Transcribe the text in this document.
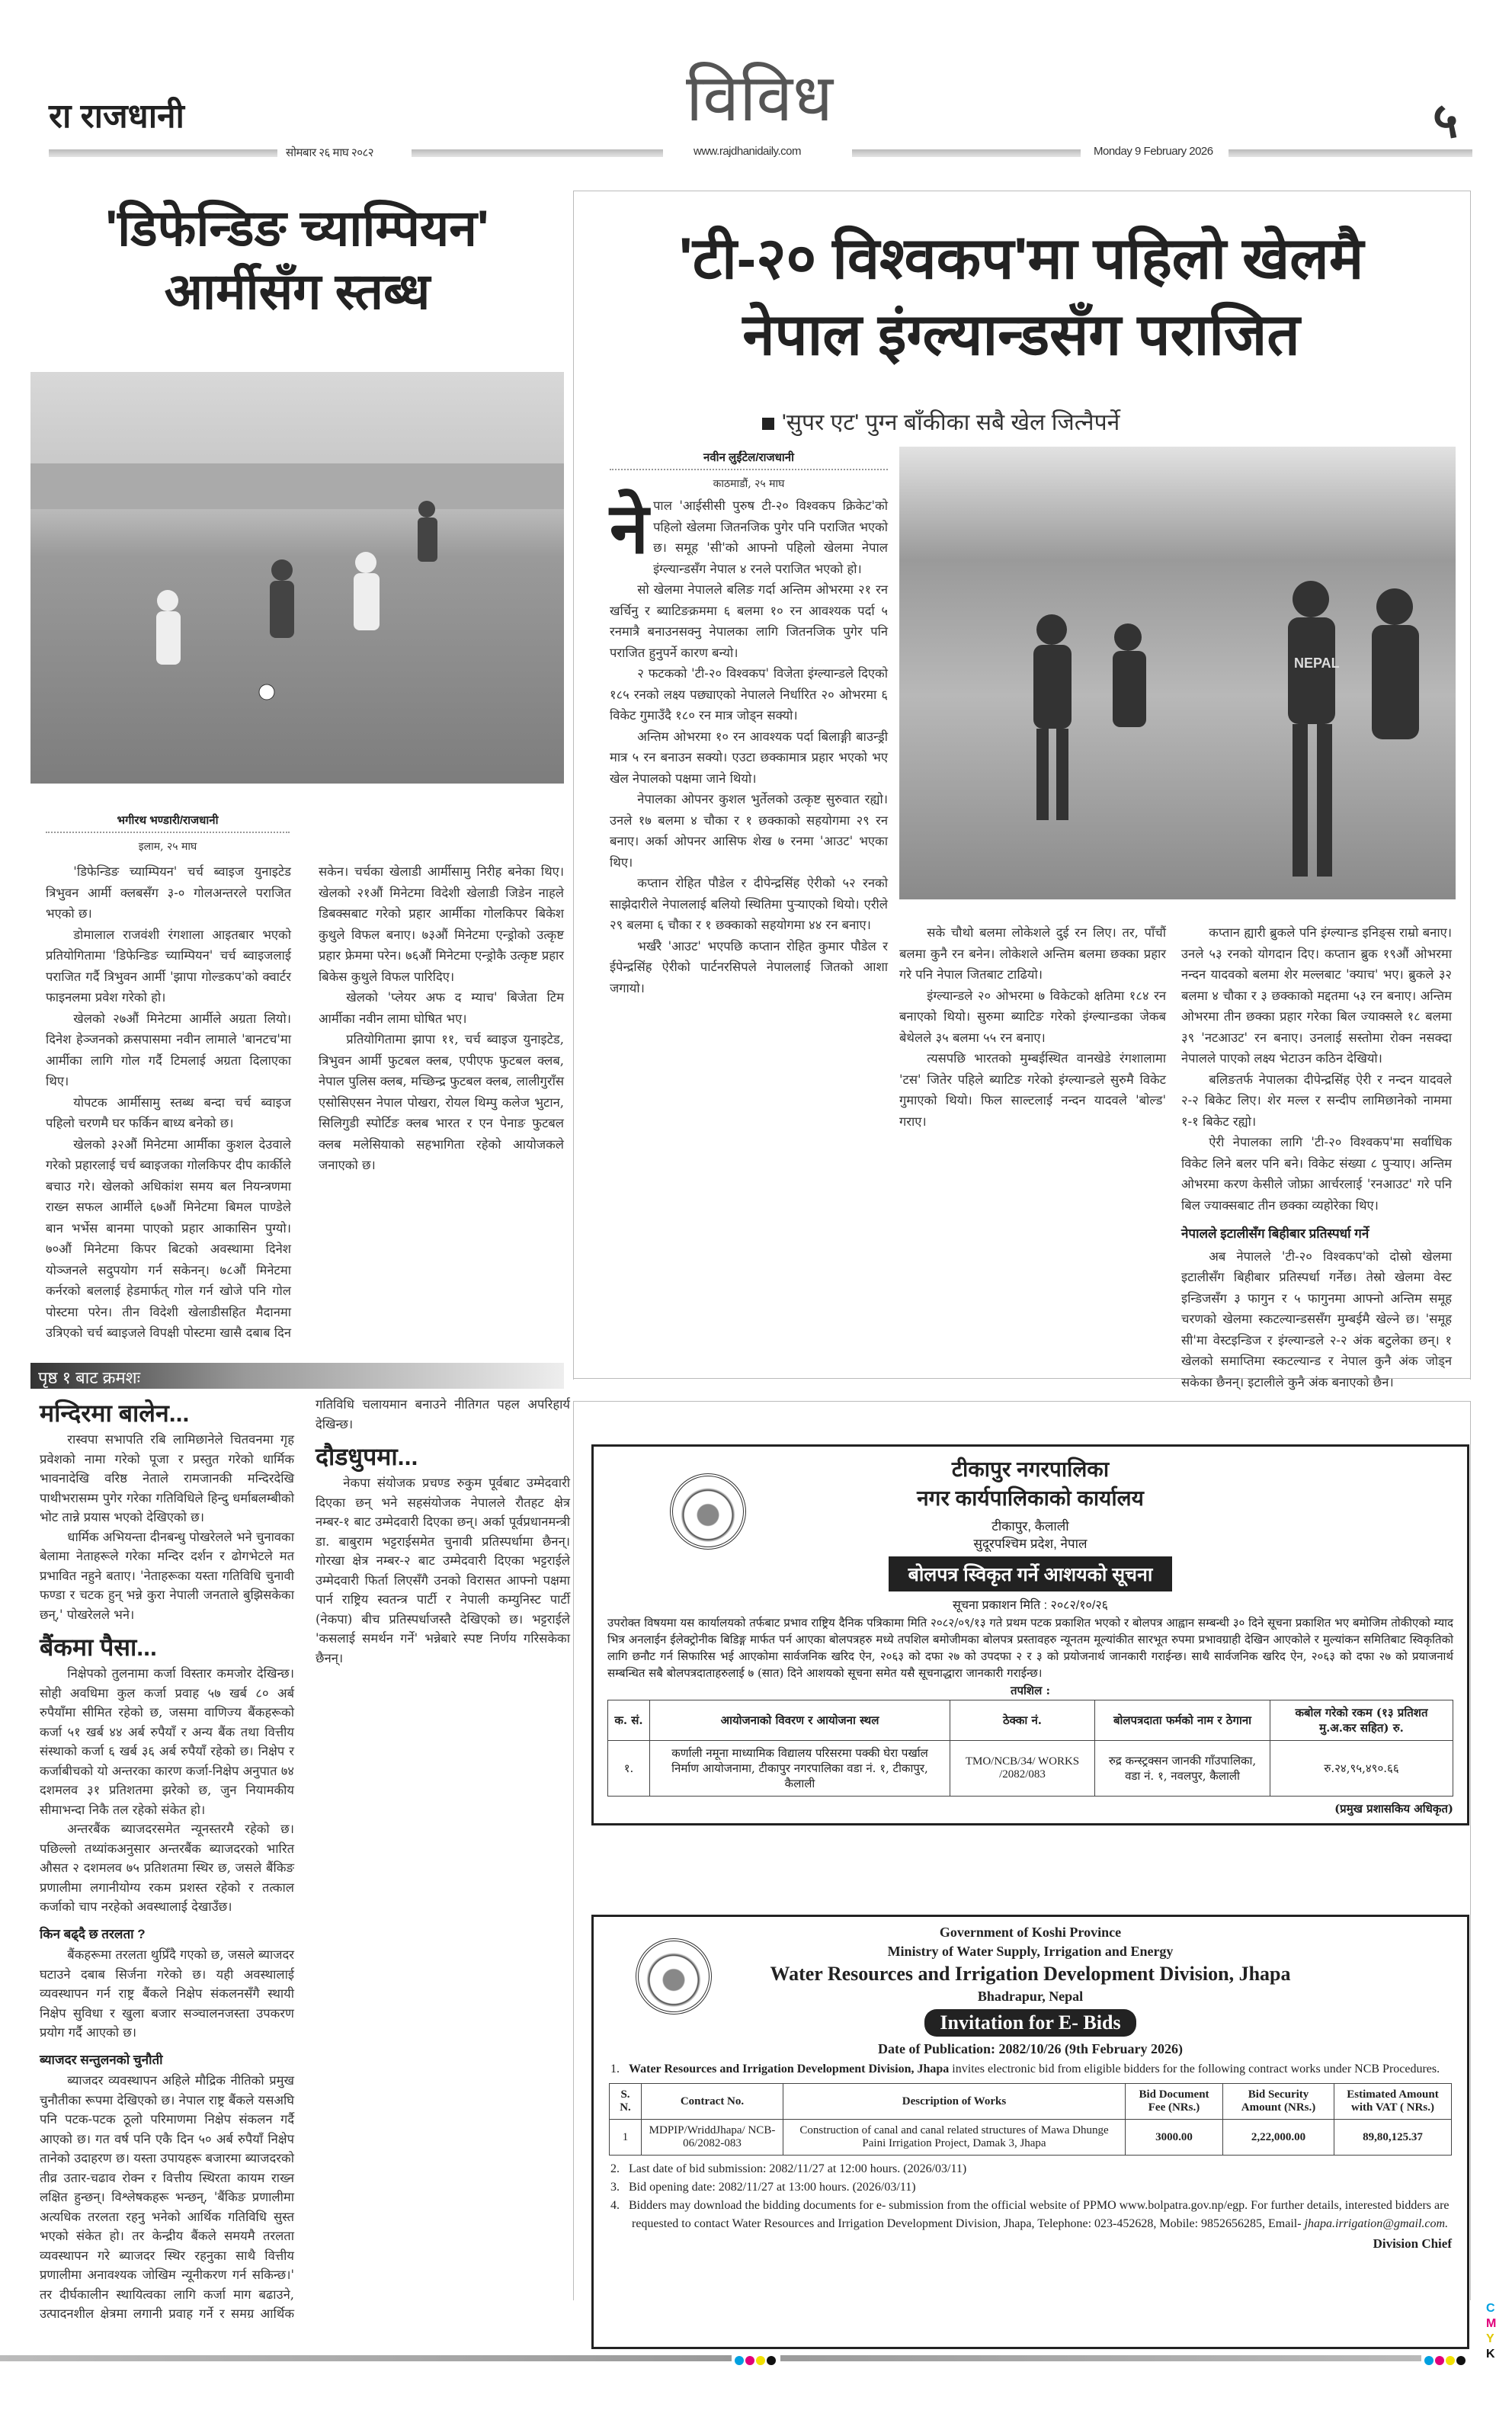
रा राजधानी	विविध	५
सोमबार २६ माघ २०८२	www.rajdhanidaily.com	Monday 9 February 2026
'डिफेन्डिङ च्याम्पियन'
आर्मीसँग स्तब्ध
भगीरथ भण्डारी/राजधानी
इलाम, २५ माघ

'डिफेन्डिङ च्याम्पियन' चर्च ब्वाइज युनाइटेड त्रिभुवन आर्मी क्लबसँग ३-० गोलअन्तरले पराजित भएको छ।

डोमालाल राजवंशी रंगशाला आइतबार भएको प्रतियोगितामा 'डिफेन्डिङ च्याम्पियन' चर्च ब्वाइजलाई पराजित गर्दै त्रिभुवन आर्मी 'झापा गोल्डकप'को क्वार्टर फाइनलमा प्रवेश गरेको हो।

खेलको २७औं मिनेटमा आर्मीले अग्रता लियो। दिनेश हेञ्जनको क्रसपासमा नवीन लामाले 'बानटच'मा आर्मीका लागि गोल गर्दै टिमलाई अग्रता दिलाएका थिए।

योपटक आर्मीसामु स्तब्ध बन्दा चर्च ब्वाइज पहिलो चरणमै घर फर्किन बाध्य बनेको छ।

खेलको ३२औं मिनेटमा आर्मीका कुशल देउवाले गरेको प्रहारलाई चर्च ब्वाइजका गोलकिपर दीप कार्कीले बचाउ गरे। खेलको अधिकांश समय बल नियन्त्रणमा राख्न सफल आर्मीले ६७औं मिनेटमा बिमल पाण्डेले बान भर्भेस बानमा पाएको प्रहार आकासिन पुग्यो। ७०औं मिनेटमा किपर बिटको अवस्थामा दिनेश योञ्जनले सदुपयोग गर्न सकेनन्। ७८औं मिनेटमा कर्नरको बललाई हेडमार्फत् गोल गर्न खोजे पनि गोल पोस्टमा परेन। तीन विदेशी खेलाडीसहित मैदानमा उत्रिएको चर्च ब्वाइजले विपक्षी पोस्टमा खासै दबाब दिन सकेन। चर्चका खेलाडी आर्मीसामु निरीह बनेका थिए। खेलको २१औं मिनेटमा विदेशी खेलाडी जिडेन नाहले डिबक्सबाट गरेको प्रहार आर्मीका गोलकिपर बिकेश कुथुले विफल बनाए। ७३औं मिनेटमा एन्ड्रोको उत्कृष्ट प्रहार फ्रेममा परेन। ७६औं मिनेटमा एन्ड्रोकै उत्कृष्ट प्रहार बिकेस कुथुले विफल पारिदिए।

खेलको 'प्लेयर अफ द म्याच' बिजेता टिम आर्मीका नवीन लामा घोषित भए।

प्रतियोगितामा झापा ११, चर्च ब्वाइज युनाइटेड, त्रिभुवन आर्मी फुटबल क्लब, एपीएफ फुटबल क्लब, नेपाल पुलिस क्लब, मच्छिन्द्र फुटबल क्लब, लालीगुराँस एसोसिएसन नेपाल पोखरा, रोयल थिम्पु कलेज भुटान, सिलिगुडी स्पोर्टिङ क्लब भारत र एन पेनाङ फुटबल क्लब मलेसियाको सहभागिता रहेको आयोजकले जनाएको छ।

पृष्ठ १ बाट क्रमशः
मन्दिरमा बालेन...

रास्वपा सभापति रबि लामिछानेले चितवनमा गृह प्रवेशको नामा गरेको पूजा र प्रस्तुत गरेको धार्मिक भावनादेखि वरिष्ठ नेताले रामजानकी मन्दिरदेखि पाथीभरासम्म पुगेर गरेका गतिविधिले हिन्दु धर्माबलम्बीको भोट तान्ने प्रयास भएको देखिएको छ।

धार्मिक अभियन्ता दीनबन्धु पोखरेलले भने चुनावका बेलामा नेताहरूले गरेका मन्दिर दर्शन र ढोगभेटले मत प्रभावित नहुने बताए। 'नेताहरूका यस्ता गतिविधि चुनावी फण्डा र चटक हुन् भन्ने कुरा नेपाली जनताले बुझिसकेका छन्,' पोखरेलले भने।

बैंकमा पैसा...

निक्षेपको तुलनामा कर्जा विस्तार कमजोर देखिन्छ। सोही अवधिमा कुल कर्जा प्रवाह ५७ खर्ब ८० अर्ब रुपैयाँमा सीमित रहेको छ, जसमा वाणिज्य बैंकहरूको कर्जा ५१ खर्ब ४४ अर्ब रुपैयाँ र अन्य बैंक तथा वित्तीय संस्थाको कर्जा ६ खर्ब ३६ अर्ब रुपैयाँ रहेको छ। निक्षेप र कर्जाबीचको यो अन्तरका कारण कर्जा-निक्षेप अनुपात ७४ दशमलव ३१ प्रतिशतमा झरेको छ, जुन नियामकीय सीमाभन्दा निकै तल रहेको संकेत हो।

अन्तरबैंक ब्याजदरसमेत न्यूनस्तरमै रहेको छ। पछिल्लो तथ्यांकअनुसार अन्तरबैंक ब्याजदरको भारित औसत २ दशमलव ७५ प्रतिशतमा स्थिर छ, जसले बैंकिङ प्रणालीमा लगानीयोग्य रकम प्रशस्त रहेको र तत्काल कर्जाको चाप नरहेको अवस्थालाई देखाउँछ।

किन बढ्दै छ तरलता ?

बैंकहरूमा तरलता थुप्रिँदै गएको छ, जसले ब्याजदर घटाउने दबाब सिर्जना गरेको छ। यही अवस्थालाई व्यवस्थापन गर्न राष्ट्र बैंकले निक्षेप संकलनसँगै स्थायी निक्षेप सुविधा र खुला बजार सञ्चालनजस्ता उपकरण प्रयोग गर्दै आएको छ।

ब्याजदर सन्तुलनको चुनौती

ब्याजदर व्यवस्थापन अहिले मौद्रिक नीतिको प्रमुख चुनौतीका रूपमा देखिएको छ। नेपाल राष्ट्र बैंकले यसअघि पनि पटक-पटक ठूलो परिमाणमा निक्षेप संकलन गर्दै आएको छ। गत वर्ष पनि एकै दिन ५० अर्ब रुपैयाँ निक्षेप तानेको उदाहरण छ। यस्ता उपायहरू बजारमा ब्याजदरको तीव्र उतार-चढाव रोक्न र वित्तीय स्थिरता कायम राख्न लक्षित हुन्छन्। विश्लेषकहरू भन्छन्, 'बैंकिङ प्रणालीमा अत्यधिक तरलता रहनु भनेको आर्थिक गतिविधि सुस्त भएको संकेत हो। तर केन्द्रीय बैंकले समयमै तरलता व्यवस्थापन गरे ब्याजदर स्थिर रहनुका साथै वित्तीय प्रणालीमा अनावश्यक जोखिम न्यूनीकरण गर्न सकिन्छ।' तर दीर्घकालीन स्थायित्वका लागि कर्जा माग बढाउने, उत्पादनशील क्षेत्रमा लगानी प्रवाह गर्ने र समग्र आर्थिक गतिविधि चलायमान बनाउने नीतिगत पहल अपरिहार्य देखिन्छ।

दौडधुपमा...

नेकपा संयोजक प्रचण्ड रुकुम पूर्वबाट उम्मेदवारी दिएका छन् भने सहसंयोजक नेपालले रौतहट क्षेत्र नम्बर-१ बाट उम्मेदवारी दिएका छन्। अर्का पूर्वप्रधानमन्त्री डा. बाबुराम भट्टराईसमेत चुनावी प्रतिस्पर्धामा छैनन्। गोरखा क्षेत्र नम्बर-२ बाट उम्मेदवारी दिएका भट्टराईले उम्मेदवारी फिर्ता लिएसँगै उनको विरासत आफ्नो पक्षमा पार्न राष्ट्रिय स्वतन्त्र पार्टी र नेपाली कम्युनिस्ट पार्टी (नेकपा) बीच प्रतिस्पर्धाजस्तै देखिएको छ। भट्टराईले 'कसलाई समर्थन गर्ने' भन्नेबारे स्पष्ट निर्णय गरिसकेका छैनन्।

'टी-२० विश्वकप'मा पहिलो खेलमै
नेपाल इंग्ल्यान्डसँग पराजित
'सुपर एट' पुग्न बाँकीका सबै खेल जित्नैपर्ने
नवीन लुईंटेल/राजधानी
काठमाडौं, २५ माघ
ने पाल 'आईसीसी पुरुष टी-२० विश्वकप क्रिकेट'को पहिलो खेलमा जितनजिक पुगेर पनि पराजित भएको छ। समूह 'सी'को आफ्नो पहिलो खेलमा नेपाल इंग्ल्यान्डसँग नेपाल ४ रनले पराजित भएको हो।

सो खेलमा नेपालले बलिङ गर्दा अन्तिम ओभरमा २१ रन खर्चिनु र ब्याटिङक्रममा ६ बलमा १० रन आवश्यक पर्दा ५ रनमात्रै बनाउनसक्नु नेपालका लागि जितनजिक पुगेर पनि पराजित हुनुपर्ने कारण बन्यो।

२ फटकको 'टी-२० विश्वकप' विजेता इंग्ल्यान्डले दिएको १८५ रनको लक्ष्य पछ्याएको नेपालले निर्धारित २० ओभरमा ६ विकेट गुमाउँदै १८० रन मात्र जोड्न सक्यो।

अन्तिम ओभरमा १० रन आवश्यक पर्दा बिलाङ्गी बाउन्ड्री मात्र ५ रन बनाउन सक्यो। एउटा छक्कामात्र प्रहार भएको भए खेल नेपालको पक्षमा जाने थियो।

नेपालका ओपनर कुशल भुर्तेलको उत्कृष्ट सुरुवात रह्यो। उनले १७ बलमा ४ चौका र १ छक्काको सहयोगमा २९ रन बनाए। अर्का ओपनर आसिफ शेख ७ रनमा 'आउट' भएका थिए।

कप्तान रोहित पौडेल र दीपेन्द्रसिंह ऐरीको ५२ रनको साझेदारीले नेपाललाई बलियो स्थितिमा पुर्‍याएको थियो। एरीले २९ बलमा ६ चौका र १ छक्काको सहयोगमा ४४ रन बनाए।

भर्खरै 'आउट' भएपछि कप्तान रोहित कुमार पौडेल र ईपेन्द्रसिंह ऐरीको पार्टनरसिपले नेपाललाई जितको आशा जगायो।

NEPAL

सके चौथो बलमा लोकेशले दुई रन लिए। तर, पाँचौं बलमा कुनै रन बनेन। लोकेशले अन्तिम बलमा छक्का प्रहार गरे पनि नेपाल जितबाट टाढियो।

इंग्ल्यान्डले २० ओभरमा ७ विकेटको क्षतिमा १८४ रन बनाएको थियो। सुरुमा ब्याटिङ गरेको इंग्ल्यान्डका जेकब बेथेलले ३५ बलमा ५५ रन बनाए।

त्यसपछि भारतको मुम्बईस्थित वानखेडे रंगशालामा 'टस' जितेर पहिले ब्याटिङ गरेको इंग्ल्यान्डले सुरुमै विकेट गुमाएको थियो। फिल साल्टलाई नन्दन यादवले 'बोल्ड' गराए।

कप्तान ह्यारी ब्रुकले पनि इंग्ल्यान्ड इनिङ्स राम्रो बनाए। उनले ५३ रनको योगदान दिए। कप्तान ब्रुक १९औं ओभरमा नन्दन यादवको बलमा शेर मल्लबाट 'क्याच' भए। ब्रुकले ३२ बलमा ४ चौका र ३ छक्काको मद्दतमा ५३ रन बनाए। अन्तिम ओभरमा तीन छक्का प्रहार गरेका बिल ज्याक्सले १८ बलमा ३९ 'नटआउट' रन बनाए। उनलाई सस्तोमा रोक्न नसक्दा नेपालले पाएको लक्ष्य भेटाउन कठिन देखियो।

बलिङतर्फ नेपालका दीपेन्द्रसिंह ऐरी र नन्दन यादवले २-२ बिकेट लिए। शेर मल्ल र सन्दीप लामिछानेको नाममा १-१ बिकेट रह्यो।

ऐरी नेपालका लागि 'टी-२० विश्वकप'मा सर्वाधिक विकेट लिने बलर पनि बने। विकेट संख्या ८ पुर्‍याए। अन्तिम ओभरमा करण केसीले जोफ्रा आर्चरलाई 'रनआउट' गरे पनि बिल ज्याक्सबाट तीन छक्का व्यहोरेका थिए।

नेपालले इटालीसँग बिहीबार प्रतिस्पर्धा गर्ने

अब नेपालले 'टी-२० विश्वकप'को दोस्रो खेलमा इटालीसँग बिहीबार प्रतिस्पर्धा गर्नेछ। तेस्रो खेलमा वेस्ट इन्डिजसँग ३ फागुन र ५ फागुनमा आफ्नो अन्तिम समूह चरणको खेलमा स्कटल्यान्डससँग मुम्बईमै खेल्ने छ। 'समूह सी'मा वेस्टइन्डिज र इंग्ल्यान्डले २-२ अंक बटुलेका छन्। १ खेलको समाप्तिमा स्कटल्यान्ड र नेपाल कुनै अंक जोड्न सकेका छैनन्। इटालीले कुनै अंक बनाएको छैन।

टीकापुर नगरपालिका
नगर कार्यपालिकाको कार्यालय
टीकापुर, कैलाली
सुदूरपश्चिम प्रदेश, नेपाल
बोलपत्र स्विकृत गर्ने आशयको सूचना
सूचना प्रकाशन मिति : २०८२/१०/२६
उपरोक्त विषयमा यस कार्यालयको तर्फबाट प्रभाव राष्ट्रिय दैनिक पत्रिकामा मिति २०८२/०९/१३ गते प्रथम पटक प्रकाशित भएको र बोलपत्र आह्वान सम्बन्धी ३० दिने सूचना प्रकाशित भए बमोजिम तोकीएको म्याद भित्र अनलाईन ईलेक्ट्रोनीक बिडिङ्ग मार्फत पर्न आएका बोलपत्रहरु मध्ये तपशिल बमोजीमका बोलपत्र प्रस्तावहरु न्यूनतम मूल्यांकीत सारभूत रुपमा प्रभावग्राही देखिन आएकोले र मुल्यांकन समितिबाट स्विकृतिको लागि छनौट गर्न सिफारिस भई आएकोमा सार्वजनिक खरिद ऐन, २०६३ को दफा २७ को उपदफा २ र ३ को प्रयोजनार्थ जानकारी गराईन्छ। साथै सार्वजनिक खरिद ऐन, २०६३ को दफा २७ को प्रयाजनार्थ सम्बन्धित सबै बोलपत्रदाताहरुलाई ७ (सात) दिने आशयको सूचना समेत यसै सूचनाद्धारा जानकारी गराईन्छ।
तपशिल :
क. सं.	आयोजनाको विवरण र आयोजना स्थल	ठेक्का नं.	बोलपत्रदाता फर्मको नाम र ठेगाना	कबोल गरेको रकम (१३ प्रतिशत मु.अ.कर सहित) रु.
१.	कर्णाली नमूना माध्यामिक विद्यालय परिसरमा पक्की घेरा पर्खाल निर्माण आयोजनामा, टीकापुर नगरपालिका वडा नं. १, टीकापुर, कैलाली	TMO/NCB/34/ WORKS /2082/083	रुद्र कन्स्ट्रक्सन जानकी गाँउपालिका, वडा नं. १, नवलपुर, कैलाली	रु.२४,९५,४९०.६६
(प्रमुख प्रशासकिय अधिकृत)
Government of Koshi Province
Ministry of Water Supply, Irrigation and Energy
Water Resources and Irrigation Development Division, Jhapa
Bhadrapur, Nepal
Invitation for E- Bids
Date of Publication: 2082/10/26 (9th February 2026)
1.   Water Resources and Irrigation Development Division, Jhapa invites electronic bid from eligible bidders for the following contract works under NCB Procedures.
S. N.	Contract No.	Description of Works	Bid Document Fee (NRs.)	Bid Security Amount (NRs.)	Estimated Amount with VAT ( NRs.)
1	MDPIP/WriddJhapa/ NCB-06/2082-083	Construction of canal and canal related structures of Mawa Dhunge Paini Irrigation Project, Damak 3, Jhapa	3000.00	2,22,000.00	89,80,125.37
2.   Last date of bid submission: 2082/11/27 at 12:00 hours. (2026/03/11)
3.   Bid opening date: 2082/11/27 at 13:00 hours. (2026/03/11)
4.   Bidders may download the bidding documents for e- submission from the official website of PPMO www.bolpatra.gov.np/egp. For further details, interested bidders are requested to contact Water Resources and Irrigation Development Division, Jhapa, Telephone: 023-452628, Mobile: 9852656285, Email- jhapa.irrigation@gmail.com.
Division Chief
C
M
Y
K
